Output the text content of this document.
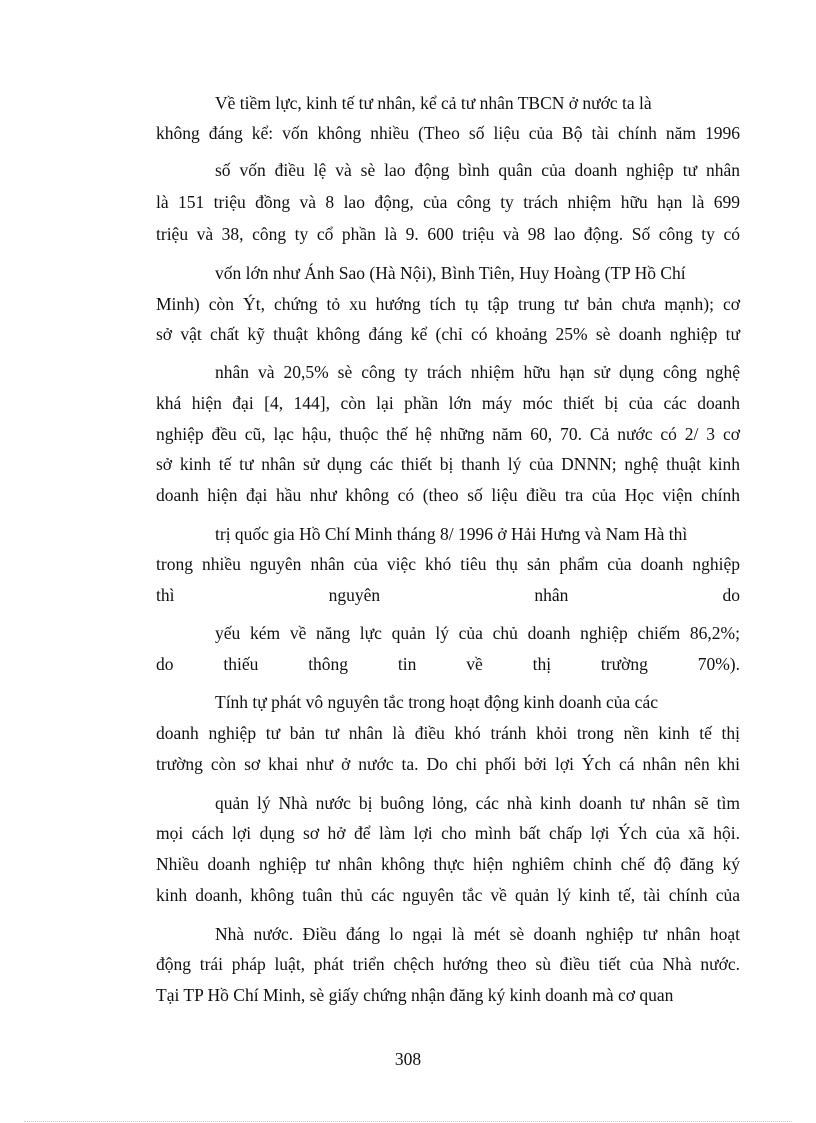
Về tiềm lực, kinh tế tư nhân, kể cả tư nhân TBCN ở nước ta là
không đáng kể: vốn không nhiều (Theo số liệu của Bộ tài chính năm 1996
số vốn điều lệ và sè lao động bình quân của doanh nghiệp tư nhân
là 151 triệu đồng và 8 lao động, của công ty trách nhiệm hữu hạn là 699
triệu và 38, công ty cổ phần là 9. 600 triệu và 98 lao động. Số công ty có
vốn lớn như Ánh Sao (Hà Nội), Bình Tiên, Huy Hoàng (TP Hồ Chí
Minh) còn Ýt, chứng tỏ xu hướng tích tụ tập trung tư bản chưa mạnh); cơ
sở vật chất kỹ thuật không đáng kể (chỉ có khoảng 25% sè doanh nghiệp tư
nhân và 20,5% sè công ty trách nhiệm hữu hạn sử dụng công nghệ
khá hiện đại [4, 144], còn lại phần lớn máy móc thiết bị của các doanh
nghiệp đều cũ, lạc hậu, thuộc thế hệ những năm 60, 70. Cả nước có 2/ 3 cơ
sở kinh tế tư nhân sử dụng các thiết bị thanh lý của DNNN; nghệ thuật kinh
doanh hiện đại hầu như không có (theo số liệu điều tra của Học viện chính
trị quốc gia Hồ Chí Minh tháng 8/ 1996 ở Hải Hưng và Nam Hà thì
trong nhiều nguyên nhân của việc khó tiêu thụ sản phẩm của doanh nghiệp
thì nguyên nhân do
yếu kém về năng lực quản lý của chủ doanh nghiệp chiếm 86,2%;
do thiếu thông tin về thị trường 70%).
Tính tự phát vô nguyên tắc trong hoạt động kinh doanh của các
doanh nghiệp tư bản tư nhân là điều khó tránh khỏi trong nền kinh tế thị
trường còn sơ khai như ở nước ta. Do chi phối bởi lợi Ých cá nhân nên khi
quản lý Nhà nước bị buông lỏng, các nhà kinh doanh tư nhân sẽ tìm
mọi cách lợi dụng sơ hở để làm lợi cho mình bất chấp lợi Ých của xã hội.
Nhiều doanh nghiệp tư nhân không thực hiện nghiêm chỉnh chế độ đăng ký
kinh doanh, không tuân thủ các nguyên tắc về quản lý kinh tế, tài chính của
Nhà nước. Điều đáng lo ngại là mét sè doanh nghiệp tư nhân hoạt
động trái pháp luật, phát triển chệch hướng theo sù điều tiết của Nhà nước.
Tại TP Hồ Chí Minh, sè giấy chứng nhận đăng ký kinh doanh mà cơ quan
308
